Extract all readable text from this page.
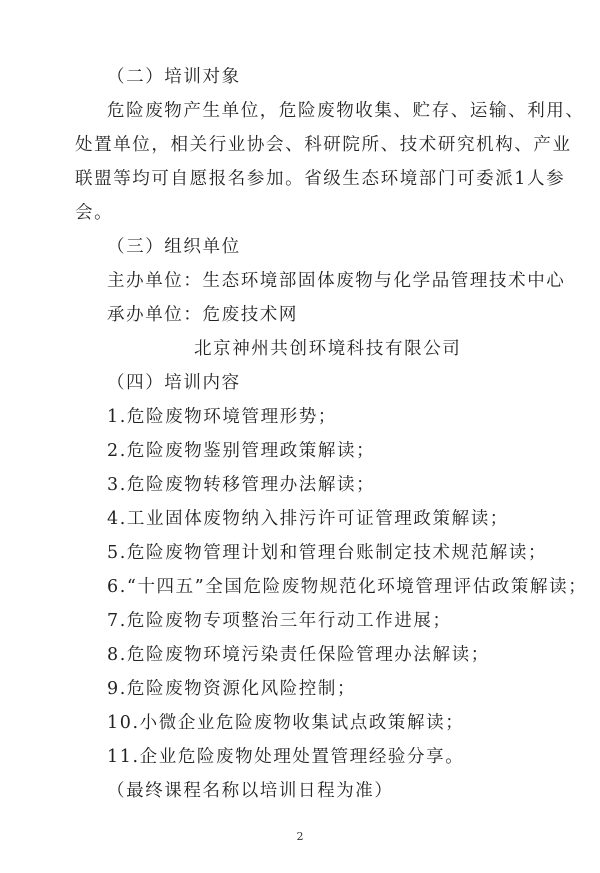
（二）培训对象
危险废物产生单位，危险废物收集、贮存、运输、利用、
处置单位，相关行业协会、科研院所、技术研究机构、产业
联盟等均可自愿报名参加。省级生态环境部门可委派1人参
会。
（三）组织单位
主办单位：生态环境部固体废物与化学品管理技术中心
承办单位：危废技术网
北京神州共创环境科技有限公司
（四）培训内容
1.危险废物环境管理形势；
2.危险废物鉴别管理政策解读；
3.危险废物转移管理办法解读；
4.工业固体废物纳入排污许可证管理政策解读；
5.危险废物管理计划和管理台账制定技术规范解读；
6.“十四五”全国危险废物规范化环境管理评估政策解读；
7.危险废物专项整治三年行动工作进展；
8.危险废物环境污染责任保险管理办法解读；
9.危险废物资源化风险控制；
10.小微企业危险废物收集试点政策解读；
11.企业危险废物处理处置管理经验分享。
（最终课程名称以培训日程为准）
2
